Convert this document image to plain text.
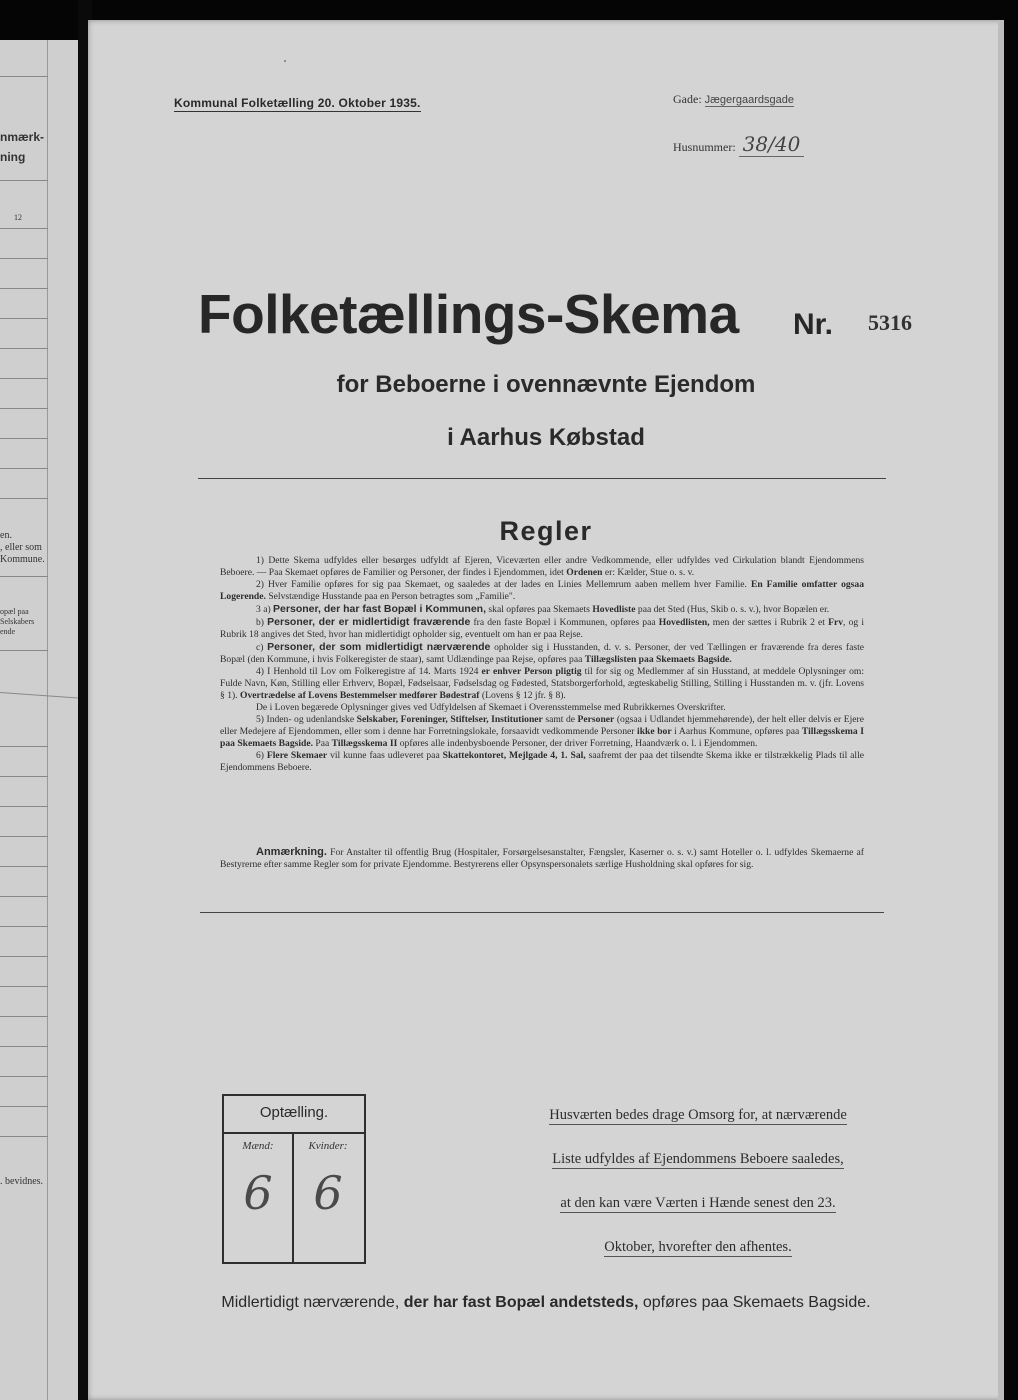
nmærk-
ning
12
en.
, eller som
Kommune.
opæl paa
Selskabers
ende
. bevidnes.
Kommunal Folketælling 20. Oktober 1935.	Gade: Jægergaardsgade
Husnummer: 38/40
Folketællings-Skema Nr. 5316
for Beboerne i ovennævnte Ejendom
i Aarhus Købstad
Regler

1) Dette Skema udfyldes eller besørges udfyldt af Ejeren, Viceværten eller andre Vedkommende, eller udfyldes ved Cirkulation blandt Ejendommens Beboere. — Paa Skemaet opføres de Familier og Personer, der findes i Ejendommen, idet Ordenen er: Kælder, Stue o. s. v.

2) Hver Familie opføres for sig paa Skemaet, og saaledes at der lades en Linies Mellemrum aaben mellem hver Familie. En Familie omfatter ogsaa Logerende. Selvstændige Husstande paa en Person betragtes som „Familie".

3 a) Personer, der har fast Bopæl i Kommunen, skal opføres paa Skemaets Hovedliste paa det Sted (Hus, Skib o. s. v.), hvor Bopælen er.

b) Personer, der er midlertidigt fraværende fra den faste Bopæl i Kommunen, opføres paa Hovedlisten, men der sættes i Rubrik 2 et Frv, og i Rubrik 18 angives det Sted, hvor han midlertidigt opholder sig, eventuelt om han er paa Rejse.

c) Personer, der som midlertidigt nærværende opholder sig i Husstanden, d. v. s. Personer, der ved Tællingen er fraværende fra deres faste Bopæl (den Kommune, i hvis Folkeregister de staar), samt Udlændinge paa Rejse, opføres paa Tillægslisten paa Skemaets Bagside.

4) I Henhold til Lov om Folkeregistre af 14. Marts 1924 er enhver Person pligtig til for sig og Medlemmer af sin Husstand, at meddele Oplysninger om: Fulde Navn, Køn, Stilling eller Erhverv, Bopæl, Fødselsaar, Fødselsdag og Fødested, Statsborgerforhold, ægteskabelig Stilling, Stilling i Husstanden m. v. (jfr. Lovens § 1). Overtrædelse af Lovens Bestemmelser medfører Bødestraf (Lovens § 12 jfr. § 8).

De i Loven begærede Oplysninger gives ved Udfyldelsen af Skemaet i Overensstemmelse med Rubrikkernes Overskrifter.

5) Inden- og udenlandske Selskaber, Foreninger, Stiftelser, Institutioner samt de Personer (ogsaa i Udlandet hjemmehørende), der helt eller delvis er Ejere eller Medejere af Ejendommen, eller som i denne har Forretningslokale, forsaavidt vedkommende Personer ikke bor i Aarhus Kommune, opføres paa Tillægsskema I paa Skemaets Bagside. Paa Tillægsskema II opføres alle indenbysboende Personer, der driver Forretning, Haandværk o. l. i Ejendommen.

6) Flere Skemaer vil kunne faas udleveret paa Skattekontoret, Mejlgade 4, 1. Sal, saafremt der paa det tilsendte Skema ikke er tilstrækkelig Plads til alle Ejendommens Beboere.

Anmærkning. For Anstalter til offentlig Brug (Hospitaler, Forsørgelsesanstalter, Fængsler, Kaserner o. s. v.) samt Hoteller o. l. udfyldes Skemaerne af Bestyrerne efter samme Regler som for private Ejendomme. Bestyrerens eller Opsynspersonalets særlige Husholdning skal opføres for sig.
Optælling.
Mænd:	Kvinder:
6 6
Husværten bedes drage Omsorg for, at nærværende
Liste udfyldes af Ejendommens Beboere saaledes,
at den kan være Værten i Hænde senest den 23.
Oktober, hvorefter den afhentes.
Midlertidigt nærværende, der har fast Bopæl andetsteds, opføres paa Skemaets Bagside.
